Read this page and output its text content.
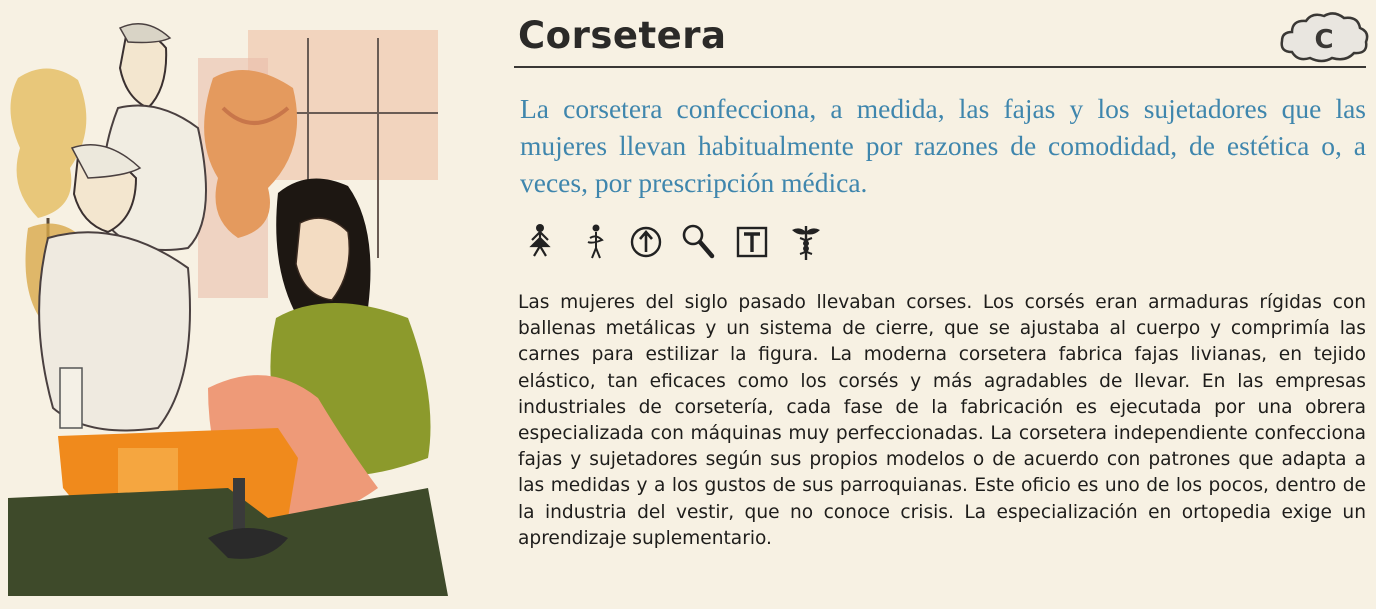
Corsetera	C

La corsetera confecciona, a medida, las fajas y los sujetadores que las mujeres llevan habitualmente por razones de comodidad, de estética o, a veces, por prescripción médica.

Las mujeres del siglo pasado llevaban corses. Los corsés eran armaduras rígidas con ballenas metálicas y un sistema de cierre, que se ajustaba al cuerpo y comprimía las carnes para estilizar la figura. La moderna corsetera fabrica fajas livianas, en tejido elástico, tan eficaces como los corsés y más agradables de llevar. En las empresas industriales de corsetería, cada fase de la fabricación es ejecutada por una obrera especializada con máquinas muy perfeccionadas. La corsetera independiente confecciona fajas y sujetadores según sus propios modelos o de acuerdo con patrones que adapta a las medidas y a los gustos de sus parroquianas. Este oficio es uno de los pocos, dentro de la industria del vestir, que no conoce crisis. La especialización en ortopedia exige un aprendizaje suplementario.
